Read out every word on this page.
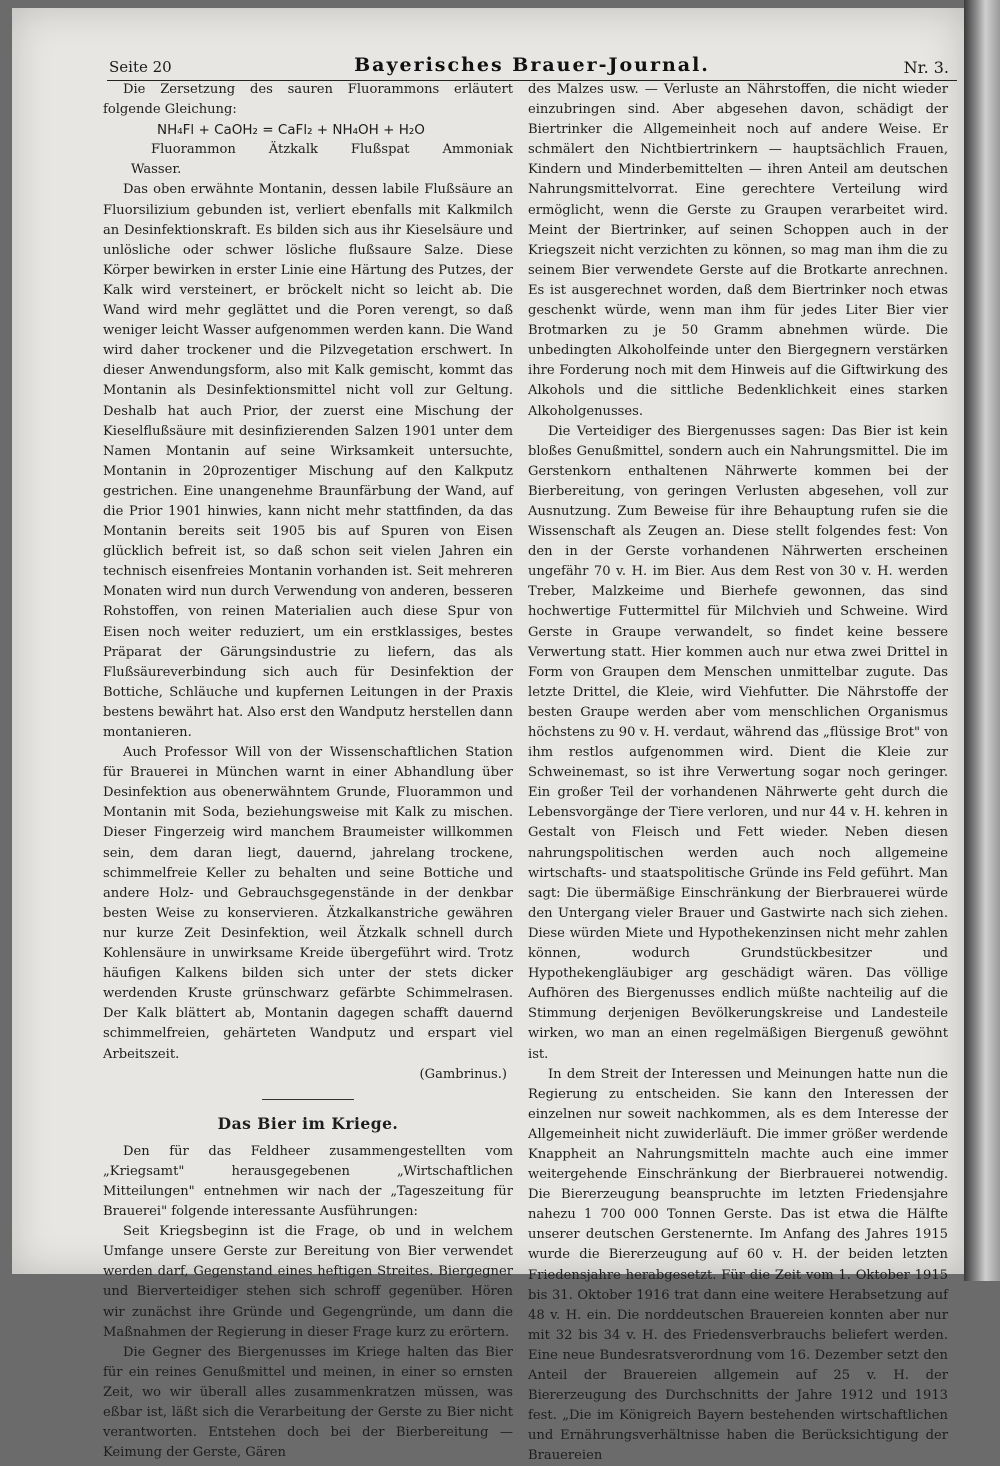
Seite 20	Bayerisches Brauer-Journal.	Nr. 3.

Die Zersetzung des sauren Fluorammons erläutert folgende Gleichung:

NH₄Fl + CaOH₂ = CaFl₂ + NH₄OH + H₂O

Fluorammon Ätzkalk Flußspat Ammoniak Wasser.

Das oben erwähnte Montanin, dessen labile Flußsäure an Fluorsilizium gebunden ist, verliert ebenfalls mit Kalkmilch an Desinfektionskraft. Es bilden sich aus ihr Kieselsäure und unlösliche oder schwer lösliche flußsaure Salze. Diese Körper bewirken in erster Linie eine Härtung des Putzes, der Kalk wird versteinert, er bröckelt nicht so leicht ab. Die Wand wird mehr geglättet und die Poren verengt, so daß weniger leicht Wasser aufgenommen werden kann. Die Wand wird daher trockener und die Pilzvegetation erschwert. In dieser Anwendungsform, also mit Kalk gemischt, kommt das Montanin als Desinfektionsmittel nicht voll zur Geltung. Deshalb hat auch Prior, der zuerst eine Mischung der Kieselflußsäure mit desinfizierenden Salzen 1901 unter dem Namen Montanin auf seine Wirksamkeit untersuchte, Montanin in 20prozentiger Mischung auf den Kalkputz gestrichen. Eine unangenehme Braunfärbung der Wand, auf die Prior 1901 hinwies, kann nicht mehr stattfinden, da das Montanin bereits seit 1905 bis auf Spuren von Eisen glücklich befreit ist, so daß schon seit vielen Jahren ein technisch eisenfreies Montanin vorhanden ist. Seit mehreren Monaten wird nun durch Verwendung von anderen, besseren Rohstoffen, von reinen Materialien auch diese Spur von Eisen noch weiter reduziert, um ein erstklassiges, bestes Präparat der Gärungsindustrie zu liefern, das als Flußsäureverbindung sich auch für Desinfektion der Bottiche, Schläuche und kupfernen Leitungen in der Praxis bestens bewährt hat. Also erst den Wandputz herstellen dann montanieren.

Auch Professor Will von der Wissenschaftlichen Station für Brauerei in München warnt in einer Abhandlung über Desinfektion aus obenerwähntem Grunde, Fluorammon und Montanin mit Soda, beziehungsweise mit Kalk zu mischen. Dieser Fingerzeig wird manchem Braumeister willkommen sein, dem daran liegt, dauernd, jahrelang trockene, schimmelfreie Keller zu behalten und seine Bottiche und andere Holz- und Gebrauchsgegenstände in der denkbar besten Weise zu konservieren. Ätzkalkanstriche gewähren nur kurze Zeit Desinfektion, weil Ätzkalk schnell durch Kohlensäure in unwirksame Kreide übergeführt wird. Trotz häufigen Kalkens bilden sich unter der stets dicker werdenden Kruste grünschwarz gefärbte Schimmelrasen. Der Kalk blättert ab, Montanin dagegen schafft dauernd schimmelfreien, gehärteten Wandputz und erspart viel Arbeitszeit.

(Gambrinus.)

Das Bier im Kriege.

Den für das Feldheer zusammengestellten vom „Kriegsamt" herausgegebenen „Wirtschaftlichen Mitteilungen" entnehmen wir nach der „Tageszeitung für Brauerei" folgende interessante Ausführungen:

Seit Kriegsbeginn ist die Frage, ob und in welchem Umfange unsere Gerste zur Bereitung von Bier verwendet werden darf, Gegenstand eines heftigen Streites. Biergegner und Bierverteidiger stehen sich schroff gegenüber. Hören wir zunächst ihre Gründe und Gegengründe, um dann die Maßnahmen der Regierung in dieser Frage kurz zu erörtern.

Die Gegner des Biergenusses im Kriege halten das Bier für ein reines Genußmittel und meinen, in einer so ernsten Zeit, wo wir überall alles zusammenkratzen müssen, was eßbar ist, läßt sich die Verarbeitung der Gerste zu Bier nicht verantworten. Entstehen doch bei der Bierbereitung — Keimung der Gerste, Gären

des Malzes usw. — Verluste an Nährstoffen, die nicht wieder einzubringen sind. Aber abgesehen davon, schädigt der Biertrinker die Allgemeinheit noch auf andere Weise. Er schmälert den Nichtbiertrinkern — hauptsächlich Frauen, Kindern und Minderbemittelten — ihren Anteil am deutschen Nahrungsmittelvorrat. Eine gerechtere Verteilung wird ermöglicht, wenn die Gerste zu Graupen verarbeitet wird. Meint der Biertrinker, auf seinen Schoppen auch in der Kriegszeit nicht verzichten zu können, so mag man ihm die zu seinem Bier verwendete Gerste auf die Brotkarte anrechnen. Es ist ausgerechnet worden, daß dem Biertrinker noch etwas geschenkt würde, wenn man ihm für jedes Liter Bier vier Brotmarken zu je 50 Gramm abnehmen würde. Die unbedingten Alkoholfeinde unter den Biergegnern verstärken ihre Forderung noch mit dem Hinweis auf die Giftwirkung des Alkohols und die sittliche Bedenklichkeit eines starken Alkoholgenusses.

Die Verteidiger des Biergenusses sagen: Das Bier ist kein bloßes Genußmittel, sondern auch ein Nahrungsmittel. Die im Gerstenkorn enthaltenen Nährwerte kommen bei der Bierbereitung, von geringen Verlusten abgesehen, voll zur Ausnutzung. Zum Beweise für ihre Behauptung rufen sie die Wissenschaft als Zeugen an. Diese stellt folgendes fest: Von den in der Gerste vorhandenen Nährwerten erscheinen ungefähr 70 v. H. im Bier. Aus dem Rest von 30 v. H. werden Treber, Malzkeime und Bierhefe gewonnen, das sind hochwertige Futtermittel für Milchvieh und Schweine. Wird Gerste in Graupe verwandelt, so findet keine bessere Verwertung statt. Hier kommen auch nur etwa zwei Drittel in Form von Graupen dem Menschen unmittelbar zugute. Das letzte Drittel, die Kleie, wird Viehfutter. Die Nährstoffe der besten Graupe werden aber vom menschlichen Organismus höchstens zu 90 v. H. verdaut, während das „flüssige Brot" von ihm restlos aufgenommen wird. Dient die Kleie zur Schweinemast, so ist ihre Verwertung sogar noch geringer. Ein großer Teil der vorhandenen Nährwerte geht durch die Lebensvorgänge der Tiere verloren, und nur 44 v. H. kehren in Gestalt von Fleisch und Fett wieder. Neben diesen nahrungspolitischen werden auch noch allgemeine wirtschafts- und staatspolitische Gründe ins Feld geführt. Man sagt: Die übermäßige Einschränkung der Bierbrauerei würde den Untergang vieler Brauer und Gastwirte nach sich ziehen. Diese würden Miete und Hypothekenzinsen nicht mehr zahlen können, wodurch Grundstückbesitzer und Hypothekengläubiger arg geschädigt wären. Das völlige Aufhören des Biergenusses endlich müßte nachteilig auf die Stimmung derjenigen Bevölkerungskreise und Landesteile wirken, wo man an einen regelmäßigen Biergenuß gewöhnt ist.

In dem Streit der Interessen und Meinungen hatte nun die Regierung zu entscheiden. Sie kann den Interessen der einzelnen nur soweit nachkommen, als es dem Interesse der Allgemeinheit nicht zuwiderläuft. Die immer größer werdende Knappheit an Nahrungsmitteln machte auch eine immer weitergehende Einschränkung der Bierbrauerei notwendig. Die Biererzeugung beanspruchte im letzten Friedensjahre nahezu 1 700 000 Tonnen Gerste. Das ist etwa die Hälfte unserer deutschen Gerstenernte. Im Anfang des Jahres 1915 wurde die Biererzeugung auf 60 v. H. der beiden letzten Friedensjahre herabgesetzt. Für die Zeit vom 1. Oktober 1915 bis 31. Oktober 1916 trat dann eine weitere Herabsetzung auf 48 v. H. ein. Die norddeutschen Brauereien konnten aber nur mit 32 bis 34 v. H. des Friedensverbrauchs beliefert werden. Eine neue Bundesratsverordnung vom 16. Dezember setzt den Anteil der Brauereien allgemein auf 25 v. H. der Biererzeugung des Durchschnitts der Jahre 1912 und 1913 fest. „Die im Königreich Bayern bestehenden wirtschaftlichen und Ernährungsverhältnisse haben die Berücksichtigung der Brauereien
